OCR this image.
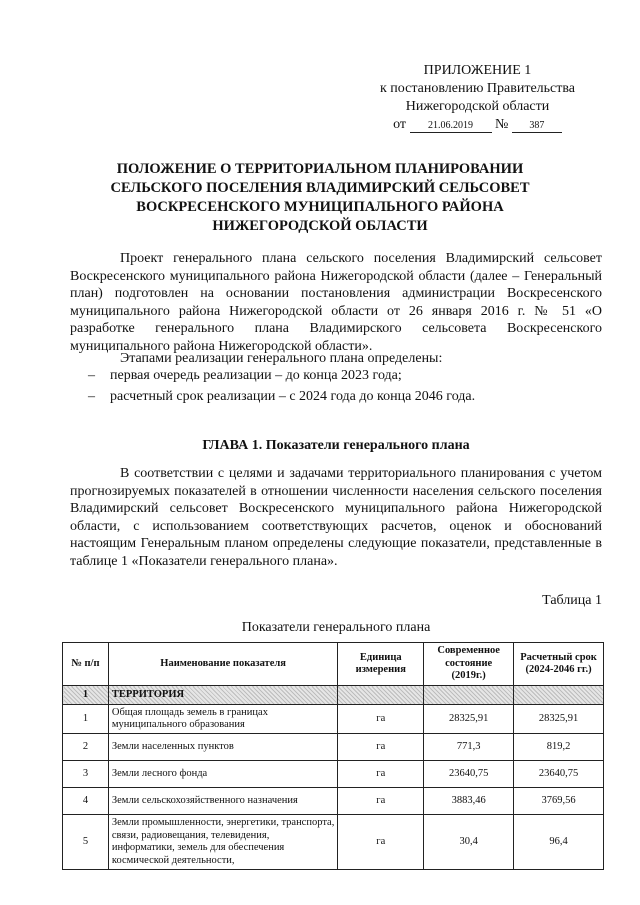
ПРИЛОЖЕНИЕ 1
к постановлению Правительства
Нижегородской области
от 21.06.2019 № 387
ПОЛОЖЕНИЕ О ТЕРРИТОРИАЛЬНОМ ПЛАНИРОВАНИИ СЕЛЬСКОГО ПОСЕЛЕНИЯ ВЛАДИМИРСКИЙ СЕЛЬСОВЕТ ВОСКРЕСЕНСКОГО МУНИЦИПАЛЬНОГО РАЙОНА НИЖЕГОРОДСКОЙ ОБЛАСТИ
Проект генерального плана сельского поселения Владимирский сельсовет Воскресенского муниципального района Нижегородской области (далее – Генеральный план) подготовлен на основании постановления администрации Воскресенского муниципального района Нижегородской области от 26 января 2016 г. № 51 «О разработке генерального плана Владимирского сельсовета Воскресенского муниципального района Нижегородской области».
Этапами реализации генерального плана определены:
– первая очередь реализации – до конца 2023 года;
– расчетный срок реализации – с 2024 года до конца 2046 года.
ГЛАВА 1. Показатели генерального плана
В соответствии с целями и задачами территориального планирования с учетом прогнозируемых показателей в отношении численности населения сельского поселения Владимирский сельсовет Воскресенского муниципального района Нижегородской области, с использованием соответствующих расчетов, оценок и обоснований настоящим Генеральным планом определены следующие показатели, представленные в таблице 1 «Показатели генерального плана».
Таблица 1
Показатели генерального плана
№ п/п	Наименование показателя	Единица измерения	Современное состояние (2019г.)	Расчетный срок (2024-2046 гг.)
1	ТЕРРИТОРИЯ			
1	Общая площадь земель в границах муниципального образования	га	28325,91	28325,91
2	Земли населенных пунктов	га	771,3	819,2
3	Земли лесного фонда	га	23640,75	23640,75
4	Земли сельскохозяйственного назначения	га	3883,46	3769,56
5	Земли промышленности, энергетики, транспорта, связи, радиовещания, телевидения, информатики, земель для обеспечения космической деятельности,	га	30,4	96,4
